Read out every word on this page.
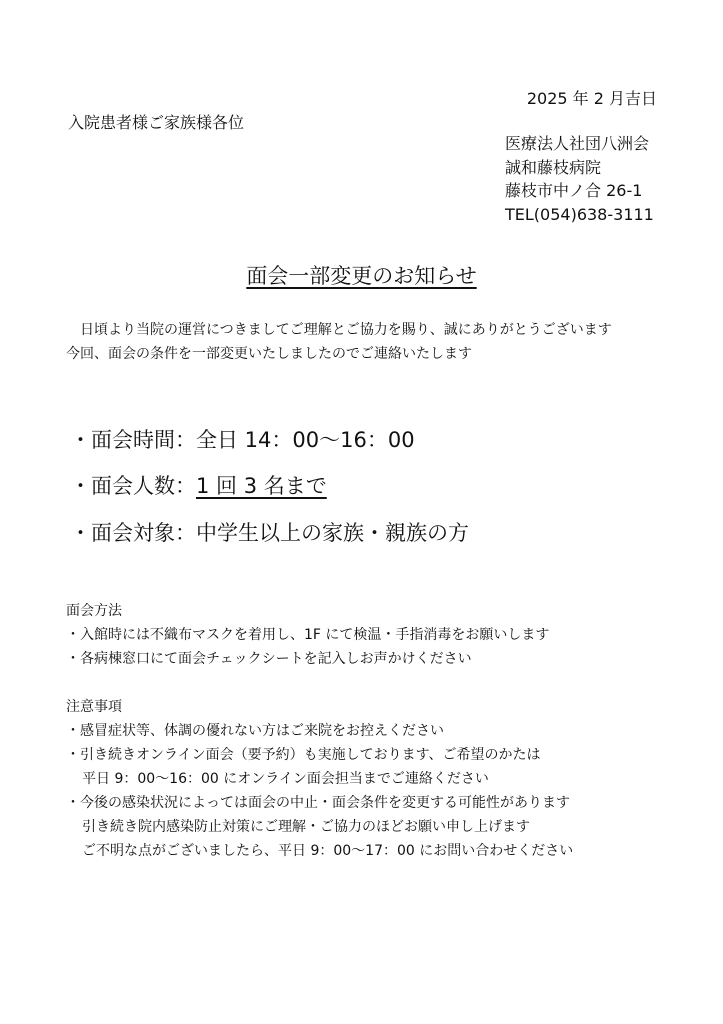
2025 年 2 月吉日
入院患者様ご家族様各位
医療法人社団八洲会
誠和藤枝病院
藤枝市中ノ合 26-1
TEL(054)638-3111
面会一部変更のお知らせ
日頃より当院の運営につきましてご理解とご協力を賜り、誠にありがとうございます
今回、面会の条件を一部変更いたしましたのでご連絡いたします
・面会時間：全日 14：00～16：00
・面会人数：1 回 3 名まで
・面会対象：中学生以上の家族・親族の方
面会方法
・入館時には不織布マスクを着用し、1F にて検温・手指消毒をお願いします
・各病棟窓口にて面会チェックシートを記入しお声かけください
注意事項
・感冒症状等、体調の優れない方はご来院をお控えください
・引き続きオンライン面会（要予約）も実施しております、ご希望のかたは
平日 9：00～16：00 にオンライン面会担当までご連絡ください
・今後の感染状況によっては面会の中止・面会条件を変更する可能性があります
引き続き院内感染防止対策にご理解・ご協力のほどお願い申し上げます
ご不明な点がございましたら、平日 9：00～17：00 にお問い合わせください
